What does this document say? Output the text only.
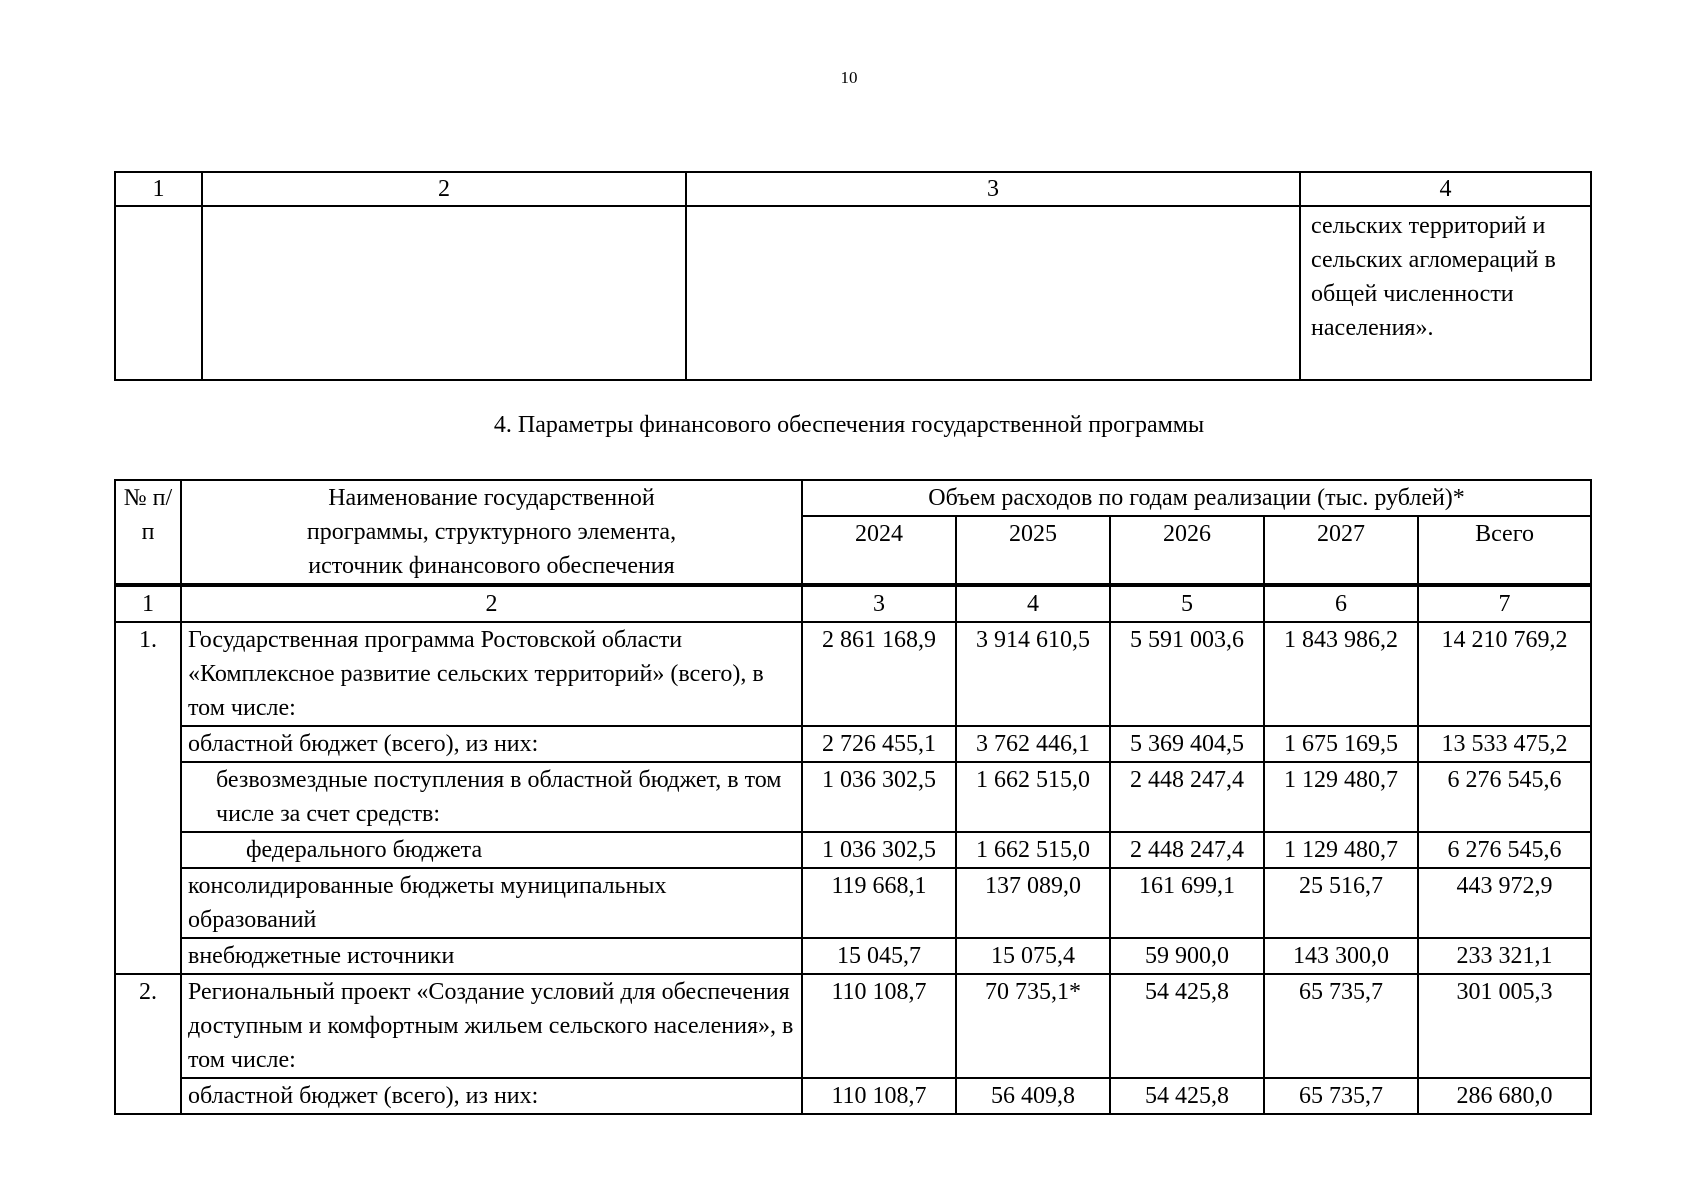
10
1	2	3	4
			сельских территорий и сельских агломераций в общей численности населения».
4. Параметры финансового обеспечения государственной программы
№ п/п	Наименование государственной программы, структурного элемента, источник финансового обеспечения	Объем расходов по годам реализации (тыс. рублей)*				
		2024	2025	2026	2027	Всего
1	2	3	4	5	6	7
1.	Государственная программа Ростовской области «Комплексное развитие сельских территорий» (всего), в том числе:	2 861 168,9	3 914 610,5	5 591 003,6	1 843 986,2	14 210 769,2
	областной бюджет (всего), из них:	2 726 455,1	3 762 446,1	5 369 404,5	1 675 169,5	13 533 475,2
	безвозмездные поступления в областной бюджет, в том числе за счет средств:	1 036 302,5	1 662 515,0	2 448 247,4	1 129 480,7	6 276 545,6
	федерального бюджета	1 036 302,5	1 662 515,0	2 448 247,4	1 129 480,7	6 276 545,6
	консолидированные бюджеты муниципальных образований	119 668,1	137 089,0	161 699,1	25 516,7	443 972,9
	внебюджетные источники	15 045,7	15 075,4	59 900,0	143 300,0	233 321,1
2.	Региональный проект «Создание условий для обеспечения доступным и комфортным жильем сельского населения», в том числе:	110 108,7	70 735,1*	54 425,8	65 735,7	301 005,3
	областной бюджет (всего), из них:	110 108,7	56 409,8	54 425,8	65 735,7	286 680,0
